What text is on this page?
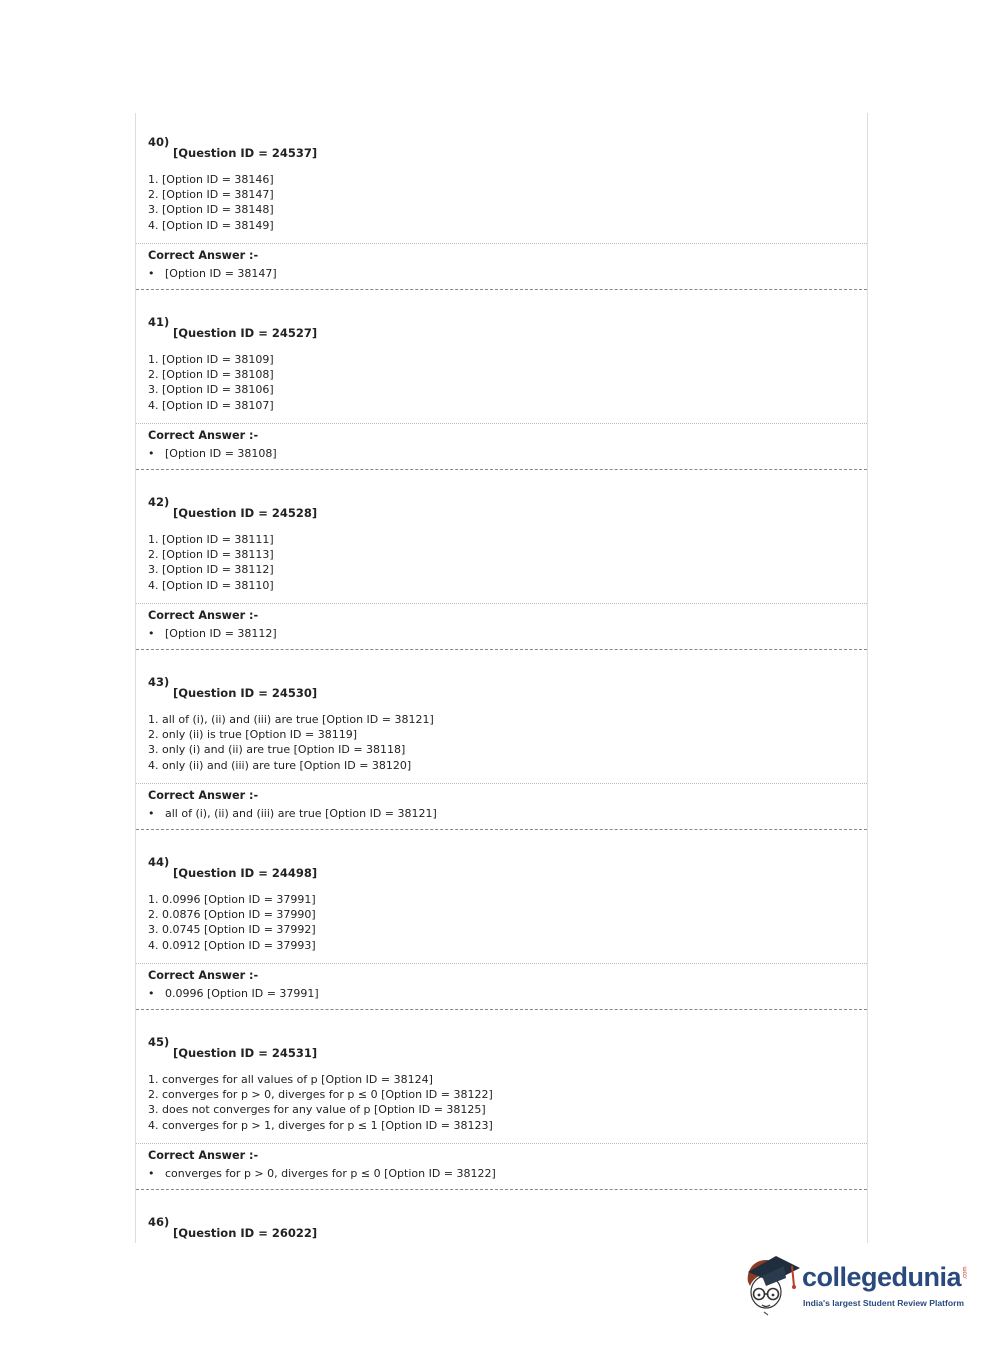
40)

[Question ID = 24537]

1. [Option ID = 38146]
2. [Option ID = 38147]
3. [Option ID = 38148]
4. [Option ID = 38149]

Correct Answer :-

• [Option ID = 38147]

41)

[Question ID = 24527]

1. [Option ID = 38109]
2. [Option ID = 38108]
3. [Option ID = 38106]
4. [Option ID = 38107]

Correct Answer :-

• [Option ID = 38108]

42)

[Question ID = 24528]

1. [Option ID = 38111]
2. [Option ID = 38113]
3. [Option ID = 38112]
4. [Option ID = 38110]

Correct Answer :-

• [Option ID = 38112]

43)

[Question ID = 24530]

1. all of (i), (ii) and (iii) are true [Option ID = 38121]
2. only (ii) is true [Option ID = 38119]
3. only (i) and (ii) are true [Option ID = 38118]
4. only (ii) and (iii) are ture [Option ID = 38120]

Correct Answer :-

• all of (i), (ii) and (iii) are true [Option ID = 38121]

44)

[Question ID = 24498]

1. 0.0996 [Option ID = 37991]
2. 0.0876 [Option ID = 37990]
3. 0.0745 [Option ID = 37992]
4. 0.0912 [Option ID = 37993]

Correct Answer :-

• 0.0996 [Option ID = 37991]

45)

[Question ID = 24531]

1. converges for all values of p [Option ID = 38124]
2. converges for p > 0, diverges for p ≤ 0 [Option ID = 38122]
3. does not converges for any value of p [Option ID = 38125]
4. converges for p > 1, diverges for p ≤ 1 [Option ID = 38123]

Correct Answer :-

• converges for p > 0, diverges for p ≤ 0 [Option ID = 38122]

46)

[Question ID = 26022]

collegedunia .com

India's largest Student Review Platform
